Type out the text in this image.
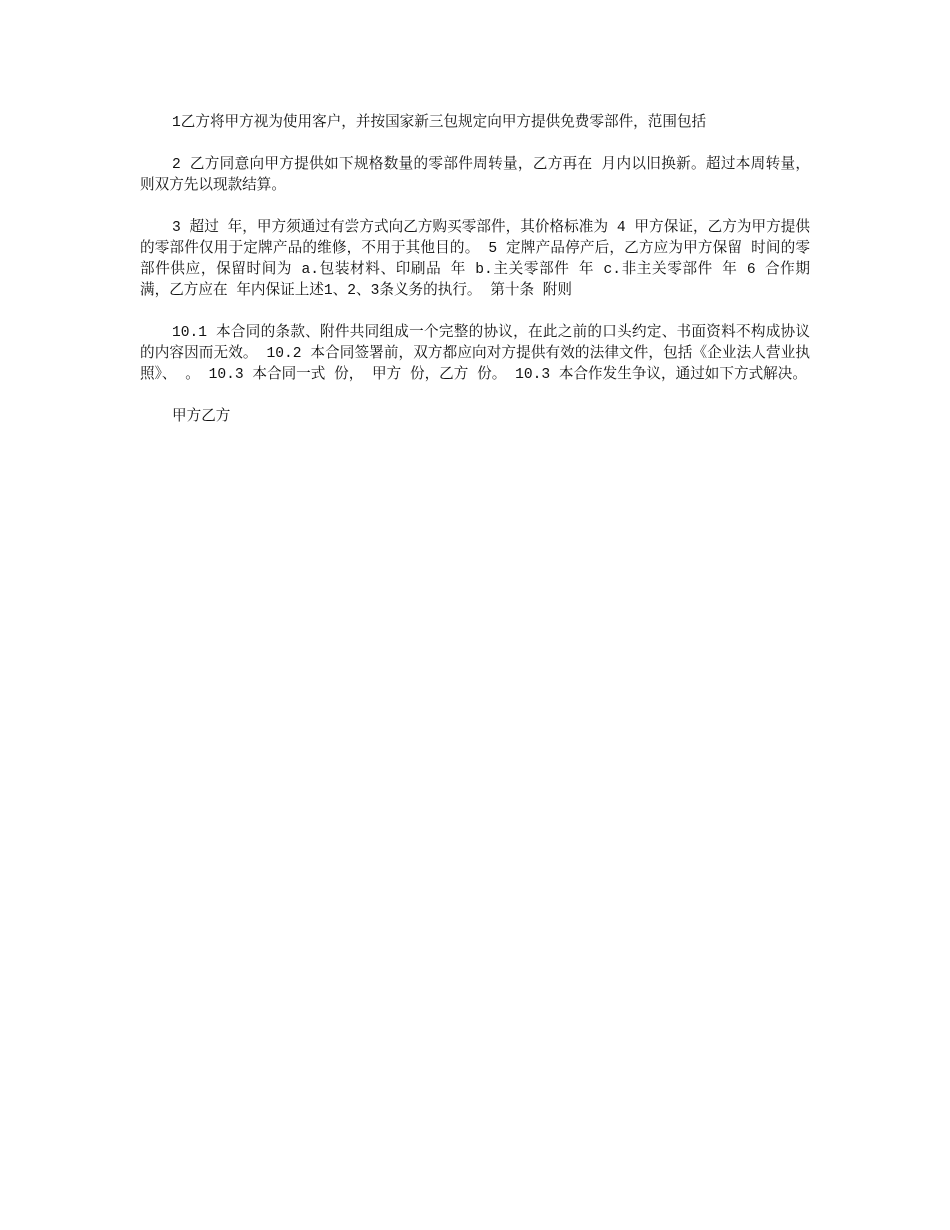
1乙方将甲方视为使用客户，并按国家新三包规定向甲方提供免费零部件，范围包括

2 乙方同意向甲方提供如下规格数量的零部件周转量，乙方再在 月内以旧换新。超过本周转量，则双方先以现款结算。

3 超过 年，甲方须通过有尝方式向乙方购买零部件，其价格标准为 4 甲方保证，乙方为甲方提供的零部件仅用于定牌产品的维修，不用于其他目的。 5 定牌产品停产后，乙方应为甲方保留 时间的零部件供应，保留时间为 a.包装材料、印刷品 年 b.主关零部件 年 c.非主关零部件 年 6 合作期满，乙方应在 年内保证上述1、2、3条义务的执行。 第十条 附则

10.1 本合同的条款、附件共同组成一个完整的协议，在此之前的口头约定、书面资料不构成协议的内容因而无效。 10.2 本合同签署前，双方都应向对方提供有效的法律文件，包括《企业法人营业执照》、 。 10.3 本合同一式 份， 甲方 份，乙方 份。 10.3 本合作发生争议，通过如下方式解决。

甲方乙方
